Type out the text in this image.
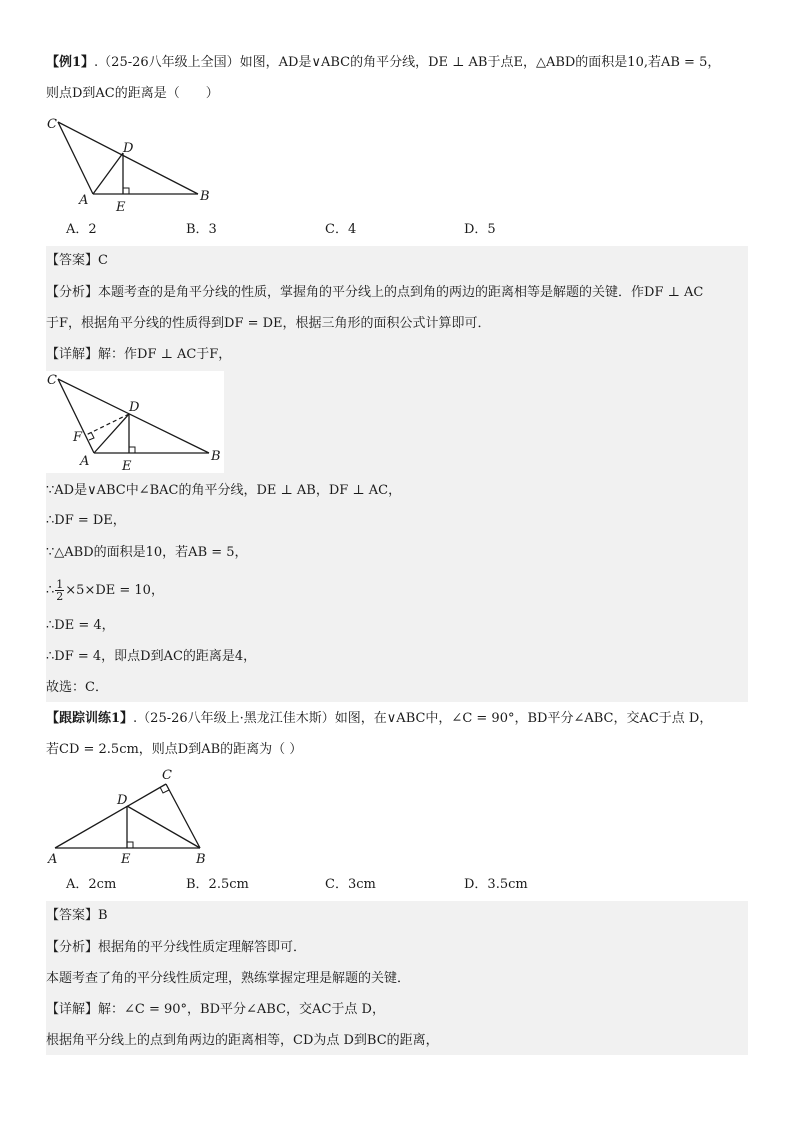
【例1】.（25-26八年级上全国）如图，AD是∨ABC的角平分线，DE ⊥ AB于点E，△ABD的面积是10,若AB = 5，
则点D到AC的距离是（　　）
C
D
A E
B
A．2	B．3	C．4	D．5
【答案】C
【分析】本题考查的是角平分线的性质，掌握角的平分线上的点到角的两边的距离相等是解题的关键．作DF ⊥ AC
于F，根据角平分线的性质得到DF = DE，根据三角形的面积公式计算即可．
【详解】解：作DF ⊥ AC于F，
C
D
F
A	E
B
∵AD是∨ABC中∠BAC的角平分线，DE ⊥ AB，DF ⊥ AC，
∴DF = DE，
∵△ABD的面积是10，若AB = 5，
∴ $\frac{1}{2} \times 5\times DE = 10$，
∴DE = 4，
∴DF = 4，即点D到AC的距离是4，
故选：C．
【跟踪训练1】.（25-26八年级上·黑龙江佳木斯）如图，在∨ABC中，∠C = 90°，BD平分∠ABC，交AC于点 D，
若CD = 2.5cm，则点D到AB的距离为（ ）
C
D
A	E	B
A．2cm	B．2.5cm	C．3cm	D．3.5cm
【答案】B
【分析】根据角的平分线性质定理解答即可．
本题考查了角的平分线性质定理，熟练掌握定理是解题的关键．
【详解】解：∠C = 90°，BD平分∠ABC，交AC于点 D，
根据角平分线上的点到角两边的距离相等，CD为点 D到BC的距离，
